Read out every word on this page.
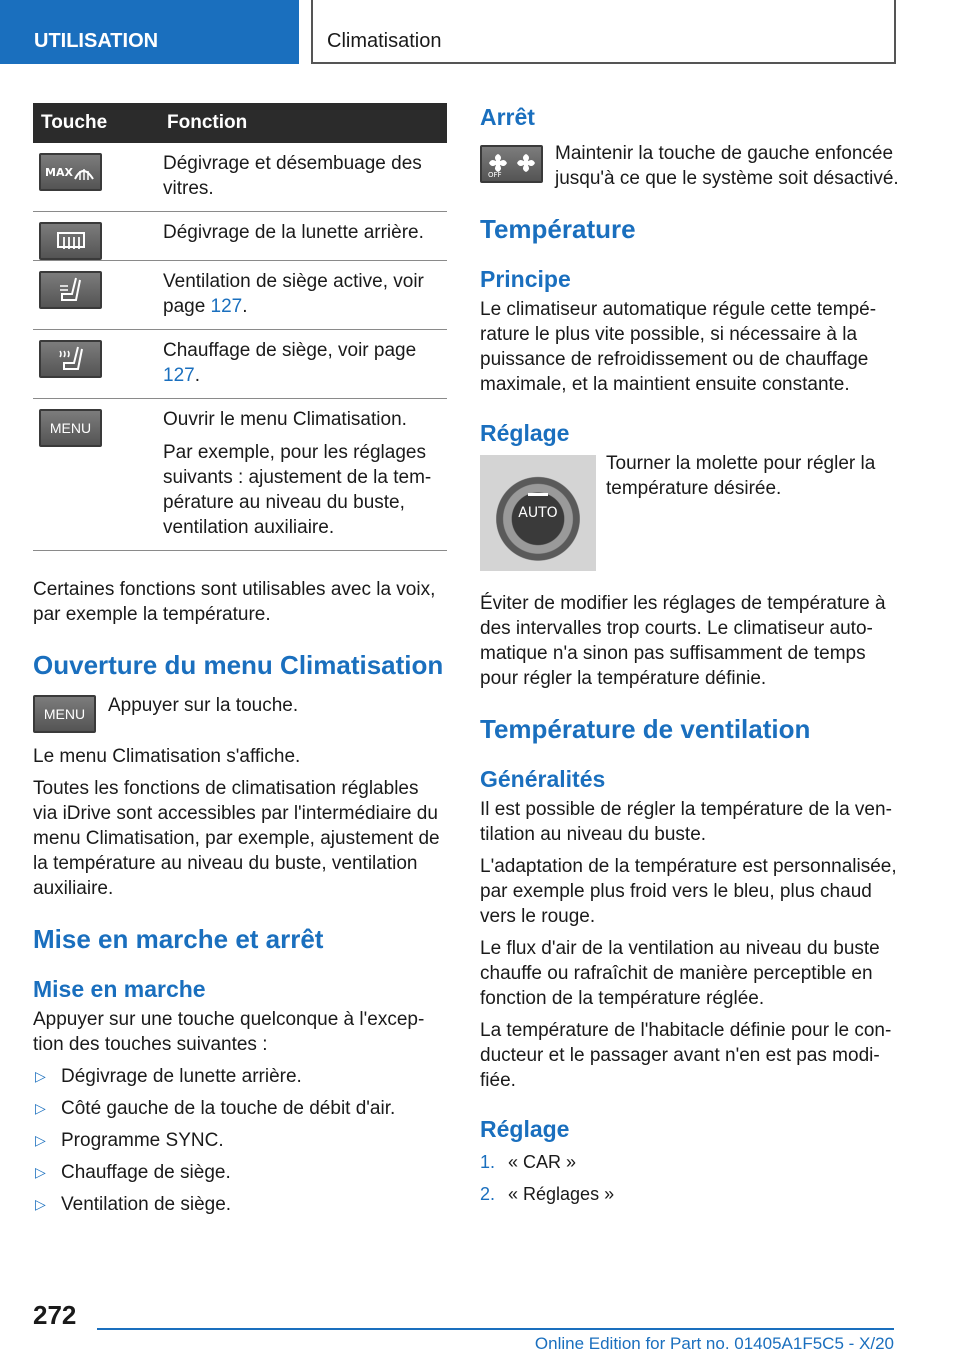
UTILISATION	Climatisation
Touche	Fonction

MAX	Dégivrage et désembuage des vitres.

Dégivrage de la lunette arrière.

Ventilation de siège active, voir page 127.

Chauffage de siège, voir page 127.

MENU	Ouvrir le menu Climatisation.

Par exemple, pour les réglages suivants : ajustement de la température au niveau du buste, ventilation auxiliaire.

Certaines fonctions sont utilisables avec la voix, par exemple la température.

Ouverture du menu Climatisation
MENU	Appuyer sur la touche.

Le menu Climatisation s'affiche.

Toutes les fonctions de climatisation réglables via iDrive sont accessibles par l'intermédiaire du menu Climatisation, par exemple, ajustement de la température au niveau du buste, ventilation auxiliaire.

Mise en marche et arrêt
Mise en marche

Appuyer sur une touche quelconque à l'exception des touches suivantes :

▷ Dégivrage de lunette arrière.
▷ Côté gauche de la touche de débit d'air.
▷ Programme SYNC.
▷ Chauffage de siège.
▷ Ventilation de siège.
Arrêt
OFF

Maintenir la touche de gauche enfoncée jusqu'à ce que le système soit désactivé.

Température
Principe

Le climatiseur automatique régule cette température le plus vite possible, si nécessaire à la puissance de refroidissement ou de chauffage maximale, et la maintient ensuite constante.

Réglage
AUTO

Tourner la molette pour régler la température désirée.

Éviter de modifier les réglages de température à des intervalles trop courts. Le climatiseur automatique n'a sinon pas suffisamment de temps pour régler la température définie.

Température de ventilation
Généralités

Il est possible de régler la température de la ventilation au niveau du buste.

L'adaptation de la température est personnalisée, par exemple plus froid vers le bleu, plus chaud vers le rouge.

Le flux d'air de la ventilation au niveau du buste chauffe ou rafraîchit de manière perceptible en fonction de la température réglée.

La température de l'habitacle définie pour le conducteur et le passager avant n'en est pas modifiée.

Réglage
1. « CAR »
2. « Réglages »
272
Online Edition for Part no. 01405A1F5C5 - X/20
